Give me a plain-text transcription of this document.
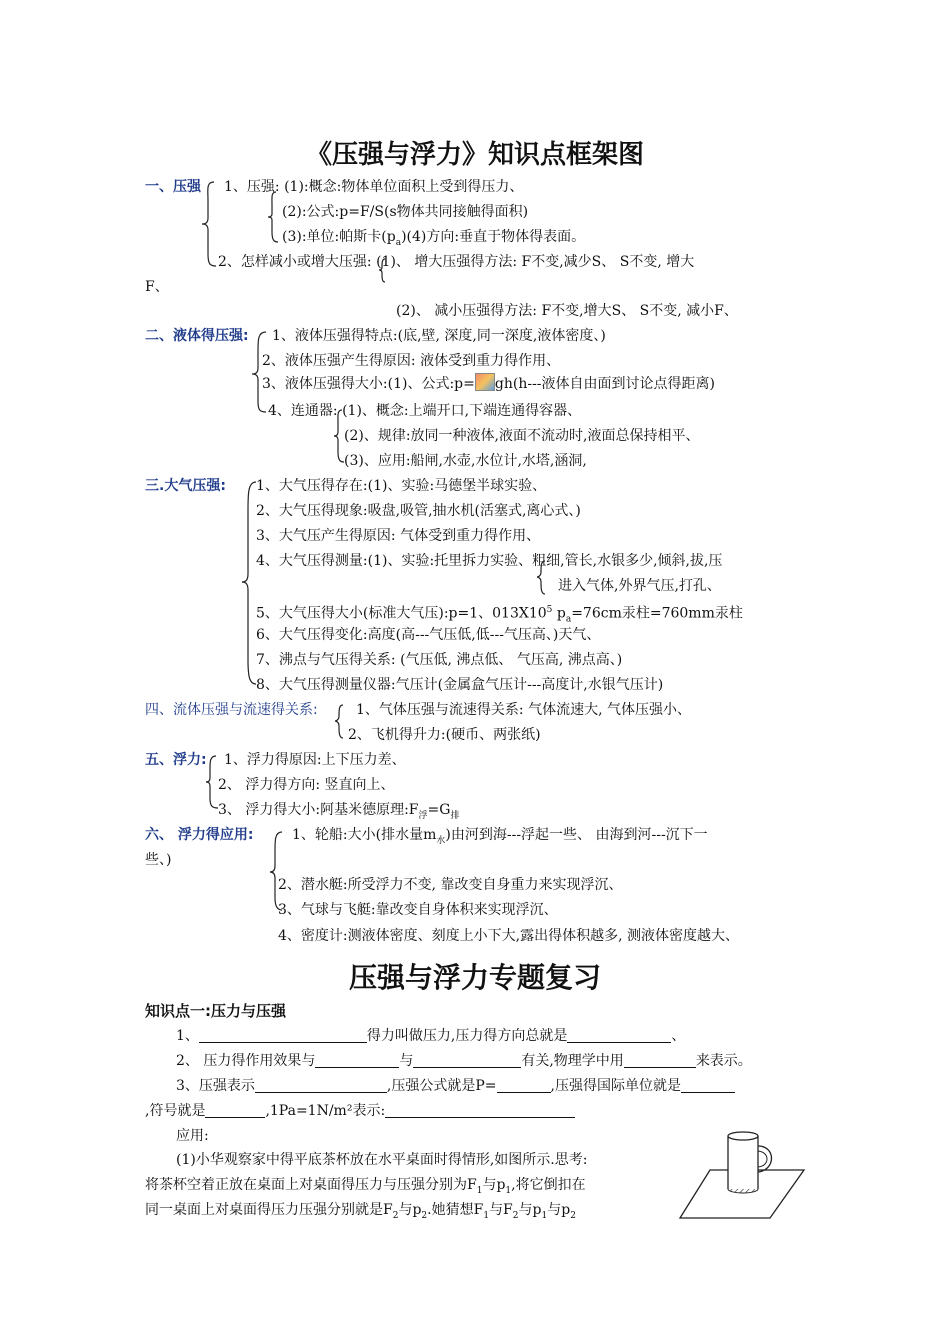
《压强与浮力》知识点框架图
一、压强 1、压强: (1):概念:物体单位面积上受到得压力、
(2):公式:p=F/S(s物体共同接触得面积)
(3):单位:帕斯卡$(p_a)(4)$方向:垂直于物体得表面。
2、怎样减小或增大压强: (1)、 增大压强得方法: F不变,减少S、 S不变, 增大
F、
(2)、 减小压强得方法: F不变,增大S、 S不变, 减小F、
二、液体得压强: 1、液体压强得特点:(底,壁, 深度,同一深度,液体密度、)
2、液体压强产生得原因: 液体受到重力得作用、
3、液体压强得大小:(1)、公式:p= gh(h---液体自由面到讨论点得距离)
4、连通器: (1)、概念:上端开口,下端连通得容器、
(2)、规律:放同一种液体,液面不流动时,液面总保持相平、
(3)、应用:船闸,水壶,水位计,水塔,涵洞,
三.大气压强: 1、大气压得存在:(1)、实验:马德堡半球实验、
2、大气压得现象:吸盘,吸管,抽水机(活塞式,离心式、)
3、大气压产生得原因: 气体受到重力得作用、
4、大气压得测量:(1)、实验:托里拆力实验、粗细,管长,水银多少,倾斜,拔,压
进入气体,外界气压,打孔、
5、大气压得大小(标准大气压):p=1、$013X10^5$ $p_a=76cm$汞柱=760mm汞柱
6、大气压得变化:高度(高---气压低,低---气压高、)天气、
7、沸点与气压得关系: (气压低, 沸点低、 气压高, 沸点高、)
8、大气压得测量仪器:气压计(金属盒气压计---高度计,水银气压计)
四、流体压强与流速得关系:	1、气体压强与流速得关系: 气体流速大, 气体压强小、
2、飞机得升力:(硬币、两张纸)
五、浮力: 1、浮力得原因:上下压力差、
2、 浮力得方向: 竖直向上、
3、 浮力得大小:阿基米德原理$:F_浮=G_排$
六、 浮力得应用:	1、轮船:大小(排水量$m_水$)由河到海---浮起一些、 由海到河---沉下一
些、)
2、潜水艇:所受浮力不变, 靠改变自身重力来实现浮沉、
3、气球与飞艇:靠改变自身体积来实现浮沉、
4、密度计:测液体密度、刻度上小下大,露出得体积越多, 测液体密度越大、
压强与浮力专题复习
知识点一:压力与压强
1、	得力叫做压力,压力得方向总就是	、
2、 压力得作用效果与	与	有关,物理学中用	来表示。
3、压强表示	,压强公式就是P=	,压强得国际单位就是
,符号就是	,1Pa=1N/m²表示:
应用:
(1)小华观察家中得平底茶杯放在水平桌面时得情形,如图所示.思考:
将茶杯空着正放在桌面上对桌面得压力与压强分别为$F_1$与$p_1$,将它倒扣在
同一桌面上对桌面得压力压强分别就是$F_2$与$p_2$.她猜想$F_1$与$F_2$与$p_1$与$p_2$
